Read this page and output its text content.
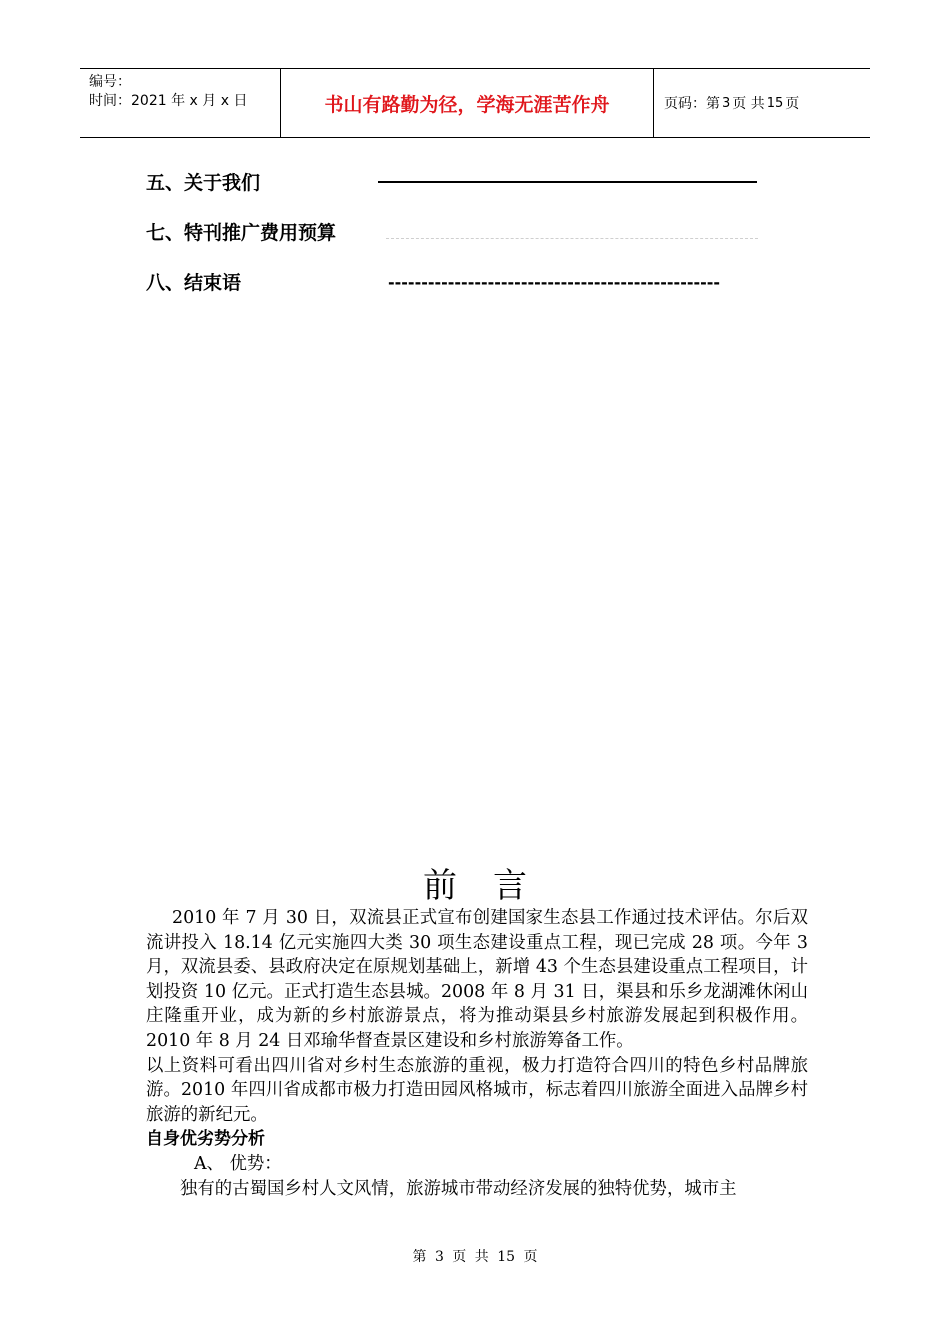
编号：
时间：2021 年 x 月 x 日	书山有路勤为径，学海无涯苦作舟	页码：第 3 页 共 15 页
五、关于我们
七、特刊推广费用预算
八、结束语	--------------------------------------------------
前言

2010 年 7 月 30 日，双流县正式宣布创建国家生态县工作通过技术评估。尔后双流讲投入 18.14 亿元实施四大类 30 项生态建设重点工程，现已完成 28 项。今年 3 月，双流县委、县政府决定在原规划基础上，新增 43 个生态县建设重点工程项目，计划投资 10 亿元。正式打造生态县城。2008 年 8 月 31 日，渠县和乐乡龙湖滩休闲山庄隆重开业，成为新的乡村旅游景点，将为推动渠县乡村旅游发展起到积极作用。2010 年 8 月 24 日邓瑜华督查景区建设和乡村旅游筹备工作。

以上资料可看出四川省对乡村生态旅游的重视，极力打造符合四川的特色乡村品牌旅游。2010 年四川省成都市极力打造田园风格城市，标志着四川旅游全面进入品牌乡村旅游的新纪元。

自身优劣势分析

A、 优势：

独有的古蜀国乡村人文风情，旅游城市带动经济发展的独特优势，城市主

第 3 页 共 15 页
